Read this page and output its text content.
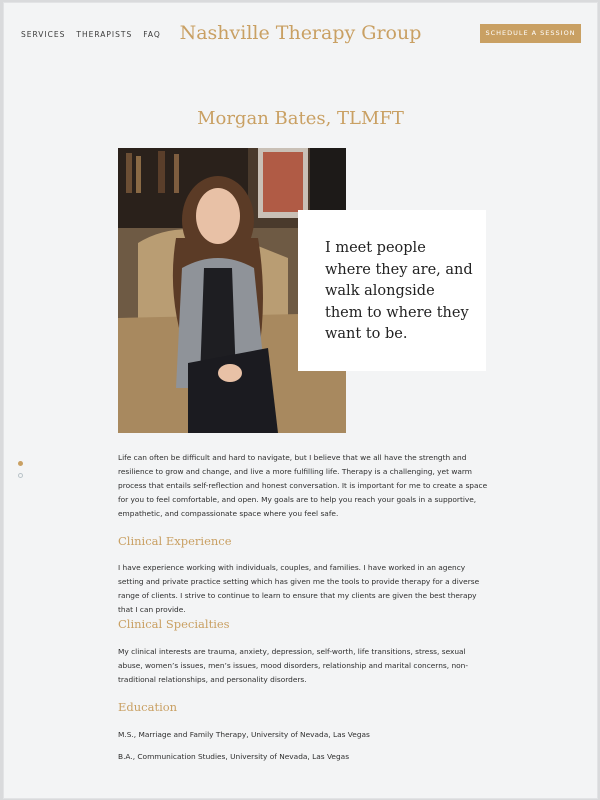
SERVICES THERAPISTS FAQ Nashville Therapy Group	SCHEDULE A SESSION
Morgan Bates, TLMFT

I meet people where they are, and walk alongside them to where they want to be.

Life can often be difficult and hard to navigate, but I believe that we all have the strength and resilience to grow and change, and live a more fulfilling life. Therapy is a challenging, yet warm process that entails self-reflection and honest conversation. It is important for me to create a space for you to feel comfortable, and open. My goals are to help you reach your goals in a supportive, empathetic, and compassionate space where you feel safe.

Clinical Experience

I have experience working with individuals, couples, and families. I have worked in an agency setting and private practice setting which has given me the tools to provide therapy for a diverse range of clients. I strive to continue to learn to ensure that my clients are given the best therapy that I can provide.

Clinical Specialties

My clinical interests are trauma, anxiety, depression, self-worth, life transitions, stress, sexual abuse, women’s issues, men’s issues, mood disorders, relationship and marital concerns, non-traditional relationships, and personality disorders.

Education

M.S., Marriage and Family Therapy, University of Nevada, Las Vegas

B.A., Communication Studies, University of Nevada, Las Vegas
